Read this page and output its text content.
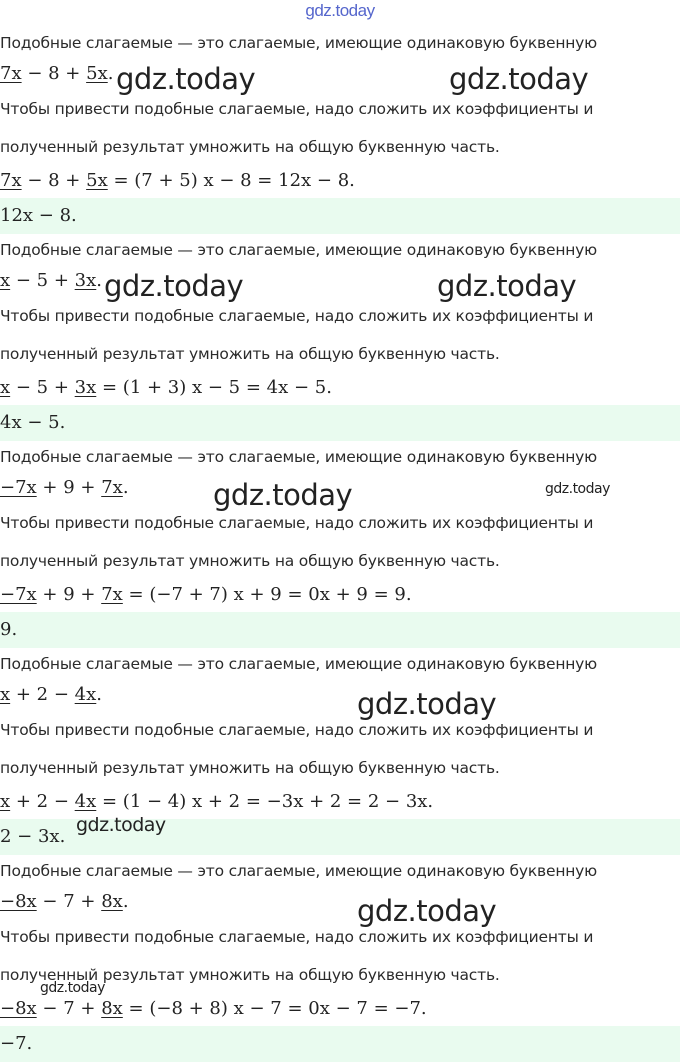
gdz.today
Подобные слагаемые — это слагаемые, имеющие одинаковую буквенную
7x − 8 + 5x.
Чтобы привести подобные слагаемые, надо сложить их коэффициенты и
полученный результат умножить на общую буквенную часть.
7x − 8 + 5x = (7 + 5) x − 8 = 12x − 8.
12x − 8.
gdz.today	gdz.today
Подобные слагаемые — это слагаемые, имеющие одинаковую буквенную
x − 5 + 3x.
Чтобы привести подобные слагаемые, надо сложить их коэффициенты и
полученный результат умножить на общую буквенную часть.
x − 5 + 3x = (1 + 3) x − 5 = 4x − 5.
4x − 5.
gdz.today	gdz.today
Подобные слагаемые — это слагаемые, имеющие одинаковую буквенную
−7x + 9 + 7x.
Чтобы привести подобные слагаемые, надо сложить их коэффициенты и
полученный результат умножить на общую буквенную часть.
−7x + 9 + 7x = (−7 + 7) x + 9 = 0x + 9 = 9.
9.
gdz.today	gdz.today
Подобные слагаемые — это слагаемые, имеющие одинаковую буквенную
x + 2 − 4x.
Чтобы привести подобные слагаемые, надо сложить их коэффициенты и
полученный результат умножить на общую буквенную часть.
x + 2 − 4x = (1 − 4) x + 2 = −3x + 2 = 2 − 3x.
2 − 3x.
gdz.today
gdz.today
Подобные слагаемые — это слагаемые, имеющие одинаковую буквенную
−8x − 7 + 8x.
Чтобы привести подобные слагаемые, надо сложить их коэффициенты и
полученный результат умножить на общую буквенную часть.
−8x − 7 + 8x = (−8 + 8) x − 7 = 0x − 7 = −7.
−7.
gdz.today
gdz.today
